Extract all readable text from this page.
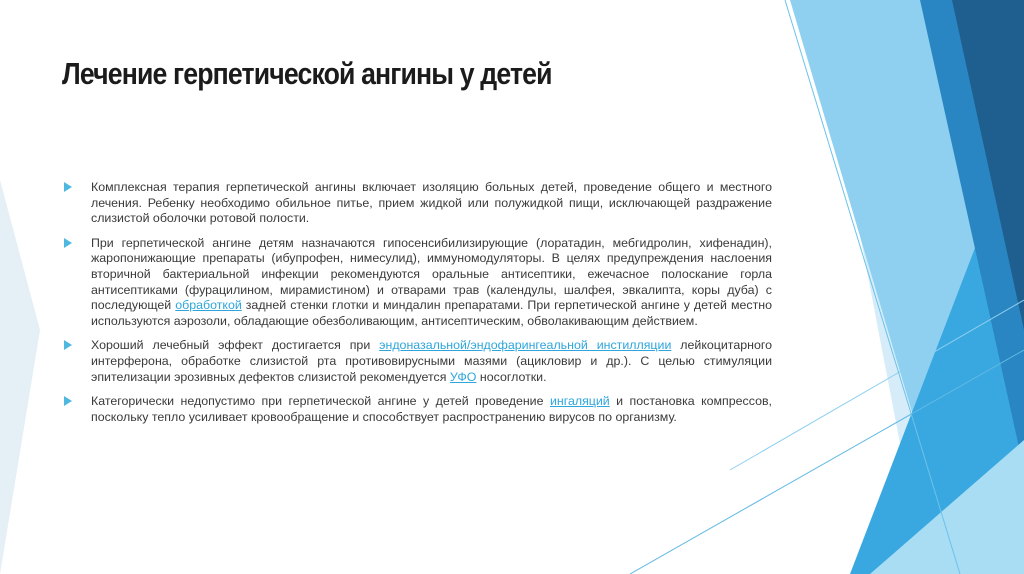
Лечение герпетической ангины у детей
Комплексная терапия герпетической ангины включает изоляцию больных детей, проведение общего и местного лечения. Ребенку необходимо обильное питье, прием жидкой или полужидкой пищи, исключающей раздражение слизистой оболочки ротовой полости.
При герпетической ангине детям назначаются гипосенсибилизирующие (лоратадин, мебгидролин, хифенадин), жаропонижающие препараты (ибупрофен, нимесулид), иммуномодуляторы. В целях предупреждения наслоения вторичной бактериальной инфекции рекомендуются оральные антисептики, ежечасное полоскание горла антисептиками (фурацилином, мирамистином) и отварами трав (календулы, шалфея, эвкалипта, коры дуба) с последующей обработкой задней стенки глотки и миндалин препаратами. При герпетической ангине у детей местно используются аэрозоли, обладающие обезболивающим, антисептическим, обволакивающим действием.
Хороший лечебный эффект достигается при эндоназальной/эндофарингеальной инстилляции лейкоцитарного интерферона, обработке слизистой рта противовирусными мазями (ацикловир и др.). С целью стимуляции эпителизации эрозивных дефектов слизистой рекомендуется УФО носоглотки.
Категорически недопустимо при герпетической ангине у детей проведение ингаляций и постановка компрессов, поскольку тепло усиливает кровообращение и способствует распространению вирусов по организму.
